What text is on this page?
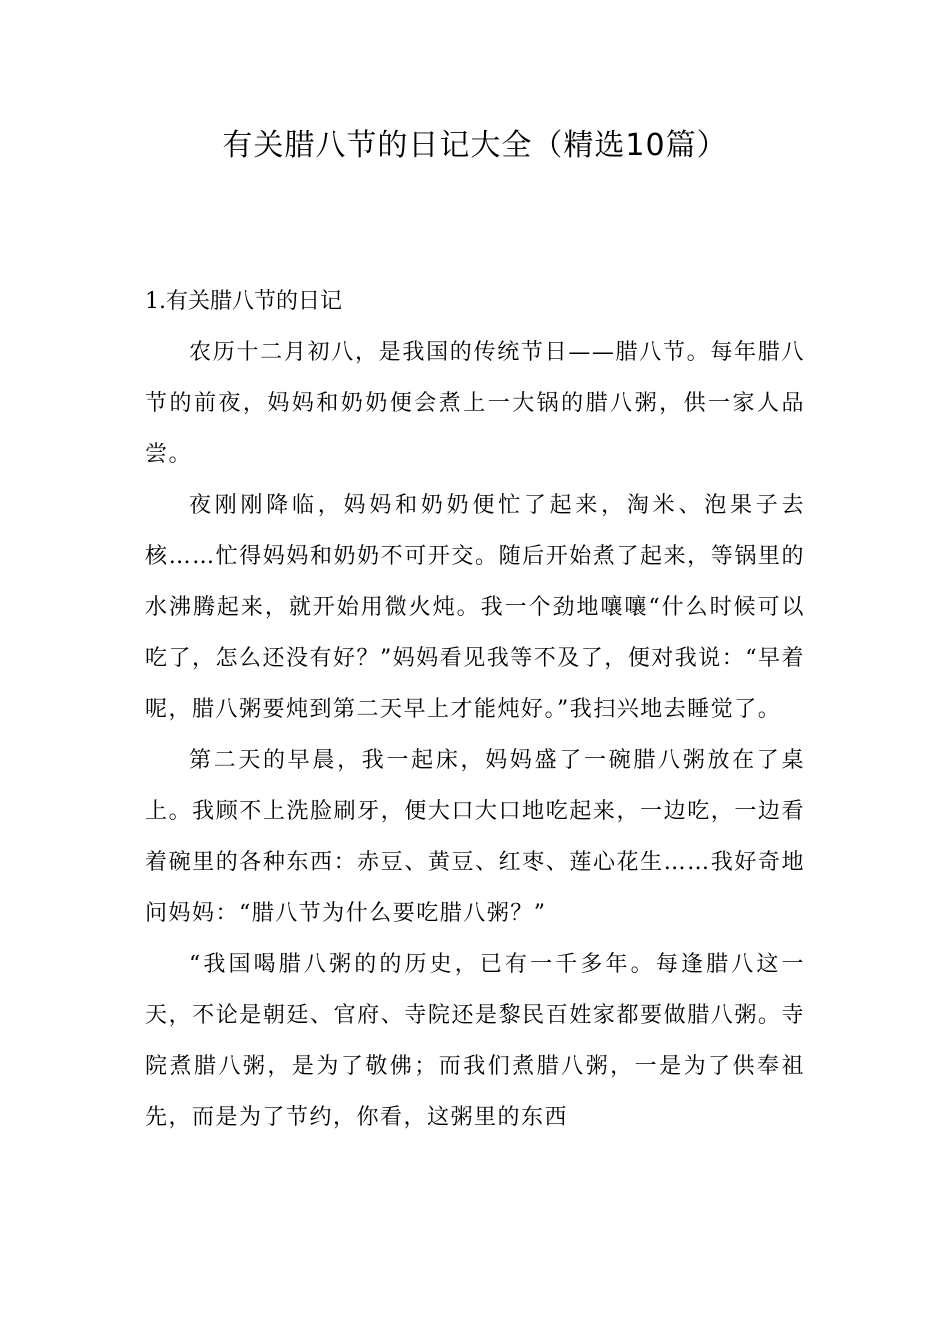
有关腊八节的日记大全（精选10篇）
1.有关腊八节的日记

农历十二月初八，是我国的传统节日——腊八节。每年腊八节的前夜，妈妈和奶奶便会煮上一大锅的腊八粥，供一家人品尝。

夜刚刚降临，妈妈和奶奶便忙了起来，淘米、泡果子去核……忙得妈妈和奶奶不可开交。随后开始煮了起来，等锅里的水沸腾起来，就开始用微火炖。我一个劲地嚷嚷“什么时候可以吃了，怎么还没有好？”妈妈看见我等不及了，便对我说：“早着呢，腊八粥要炖到第二天早上才能炖好。”我扫兴地去睡觉了。

第二天的早晨，我一起床，妈妈盛了一碗腊八粥放在了桌上。我顾不上洗脸刷牙，便大口大口地吃起来，一边吃，一边看着碗里的各种东西：赤豆、黄豆、红枣、莲心花生……我好奇地问妈妈：“腊八节为什么要吃腊八粥？”

“我国喝腊八粥的的历史，已有一千多年。每逢腊八这一天，不论是朝廷、官府、寺院还是黎民百姓家都要做腊八粥。寺院煮腊八粥，是为了敬佛；而我们煮腊八粥，一是为了供奉祖先，而是为了节约，你看，这粥里的东西
